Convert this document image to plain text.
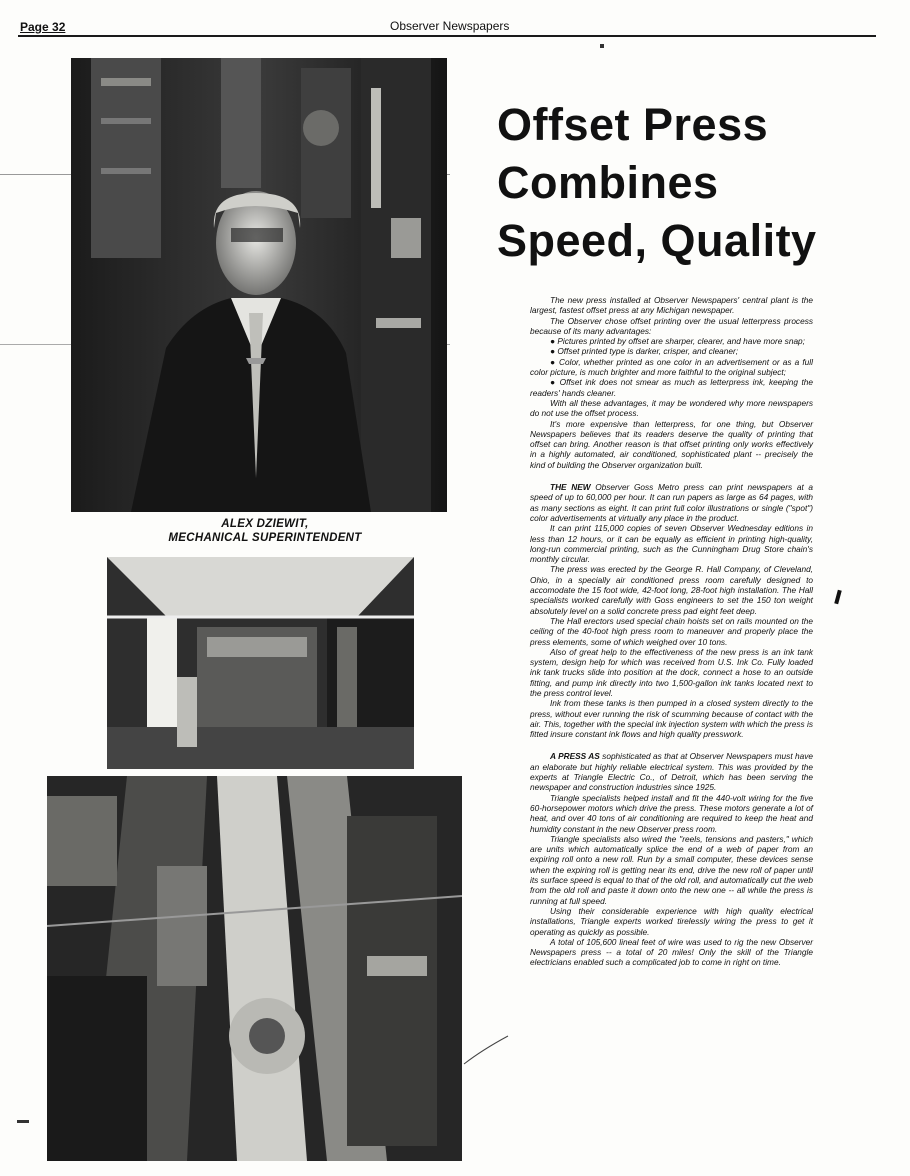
Page 32	Observer Newspapers
ALEX DZIEWIT,
MECHANICAL SUPERINTENDENT
Offset Press
Combines
Speed, Quality

The new press installed at Observer Newspapers' central plant is the largest, fastest offset press at any Michigan newspaper.

The Observer chose offset printing over the usual letterpress process because of its many advantages:

● Pictures printed by offset are sharper, clearer, and have more snap;

● Offset printed type is darker, crisper, and cleaner;

● Color, whether printed as one color in an advertisement or as a full color picture, is much brighter and more faithful to the original subject;

● Offset ink does not smear as much as letterpress ink, keeping the readers' hands cleaner.

With all these advantages, it may be wondered why more newspapers do not use the offset process.

It's more expensive than letterpress, for one thing, but Observer Newspapers believes that its readers deserve the quality of printing that offset can bring. Another reason is that offset printing only works effectively in a highly automated, air conditioned, sophisticated plant -- precisely the kind of building the Observer organization built.

THE NEW Observer Goss Metro press can print newspapers at a speed of up to 60,000 per hour. It can run papers as large as 64 pages, with as many sections as eight. It can print full color illustrations or single ("spot") color advertisements at virtually any place in the product.

It can print 115,000 copies of seven Observer Wednesday editions in less than 12 hours, or it can be equally as efficient in printing high-quality, long-run commercial printing, such as the Cunningham Drug Store chain's monthly circular.

The press was erected by the George R. Hall Company, of Cleveland, Ohio, in a specially air conditioned press room carefully designed to accomodate the 15 foot wide, 42-foot long, 28-foot high installation. The Hall specialists worked carefully with Goss engineers to set the 150 ton weight absolutely level on a solid concrete press pad eight feet deep.

The Hall erectors used special chain hoists set on rails mounted on the ceiling of the 40-foot high press room to maneuver and properly place the press elements, some of which weighed over 10 tons.

Also of great help to the effectiveness of the new press is an ink tank system, design help for which was received from U.S. Ink Co. Fully loaded ink tank trucks slide into position at the dock, connect a hose to an outside fitting, and pump ink directly into two 1,500-gallon ink tanks located next to the press control level.

Ink from these tanks is then pumped in a closed system directly to the press, without ever running the risk of scumming because of contact with the air. This, together with the special ink injection system with which the press is fitted insure constant ink flows and high quality presswork.

A PRESS AS sophisticated as that at Observer Newspapers must have an elaborate but highly reliable electrical system. This was provided by the experts at Triangle Electric Co., of Detroit, which has been serving the newspaper and construction industries since 1925.

Triangle specialists helped install and fit the 440-volt wiring for the five 60-horsepower motors which drive the press. These motors generate a lot of heat, and over 40 tons of air conditioning are required to keep the heat and humidity constant in the new Observer press room.

Triangle specialists also wired the "reels, tensions and pasters," which are units which automatically splice the end of a web of paper from an expiring roll onto a new roll. Run by a small computer, these devices sense when the expiring roll is getting near its end, drive the new roll of paper until its surface speed is equal to that of the old roll, and automatically cut the web from the old roll and paste it down onto the new one -- all while the press is running at full speed.

Using their considerable experience with high quality electrical installations, Triangle experts worked tirelessly wiring the press to get it operating as quickly as possible.

A total of 105,600 lineal feet of wire was used to rig the new Observer Newspapers press -- a total of 20 miles! Only the skill of the Triangle electricians enabled such a complicated job to come in right on time.
